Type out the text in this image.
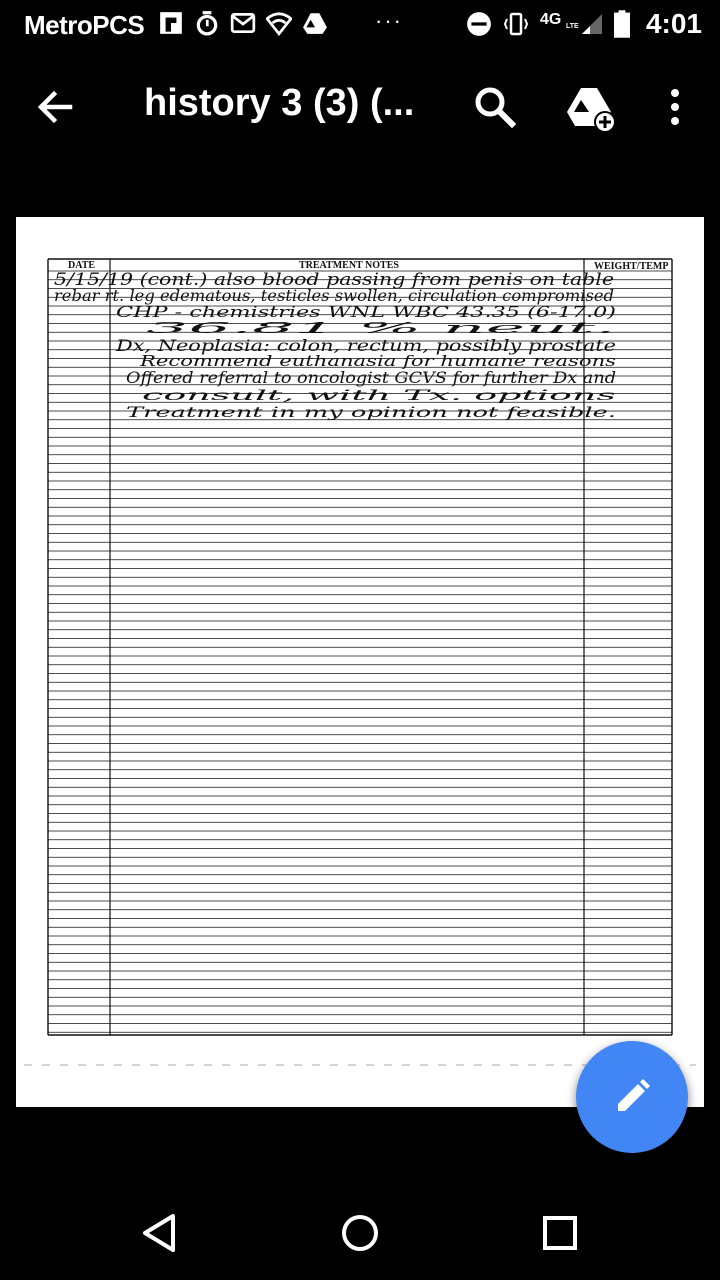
MetroPCS	···	4G LTE 4:01
history 3 (3) (...
DATE	TREATMENT NOTES	WEIGHT/TEMP
5/15/19 (cont.) also blood passing from penis on table
rebar rt. leg edematous, testicles swollen, circulation compromised
CHP - chemistries WNL WBC 43.35 (6-17.0)
36.81 % neut.
Dx, Neoplasia: colon, rectum, possibly prostate
Recommend euthanasia for humane reasons
Offered referral to oncologist GCVS for further Dx and
consult, with Tx. options
Treatment in my opinion not feasible.
